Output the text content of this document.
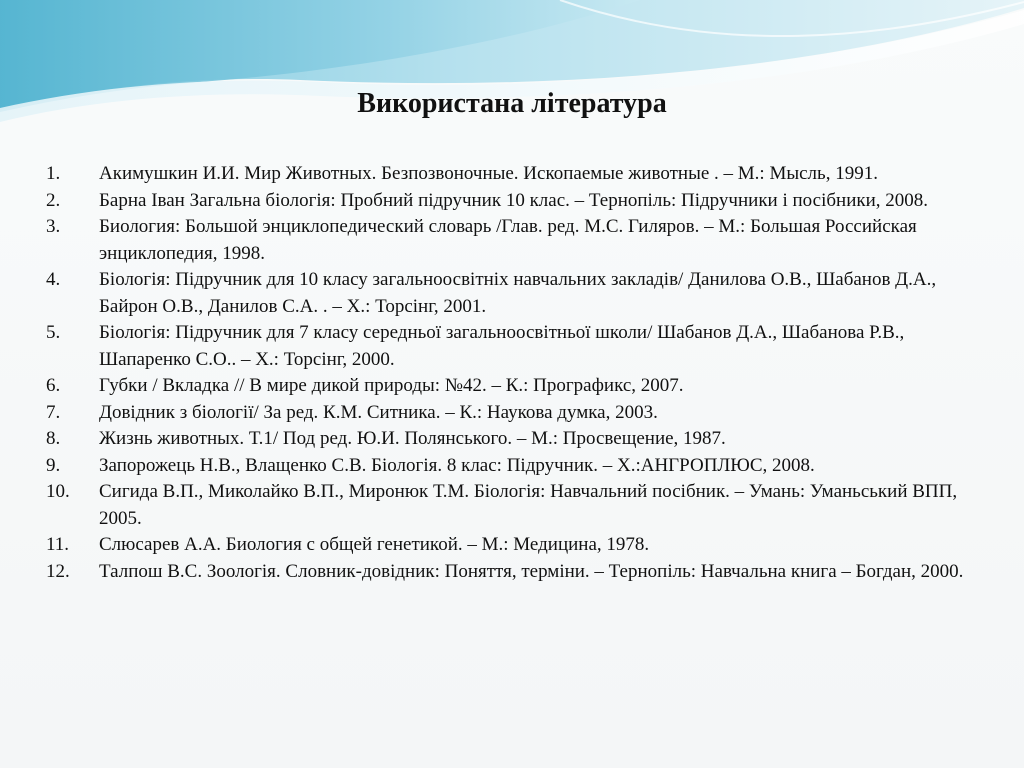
Використана література
1.	Акимушкин И.И. Мир Животных. Безпозвоночные. Ископаемые животные . – М.: Мысль, 1991.
2.	Барна Іван Загальна біологія: Пробний підручник 10 клас. – Тернопіль: Підручники і посібники, 2008.
3.	Биология: Большой энциклопедический словарь /Глав. ред. М.С. Гиляров. – М.: Большая Российская энциклопедия, 1998.
4.	Біологія: Підручник для 10 класу загальноосвітніх навчальних закладів/ Данилова О.В., Шабанов Д.А., Байрон О.В., Данилов С.А. . – Х.: Торсінг, 2001.
5.	Біологія: Підручник для 7 класу середньої загальноосвітньої школи/ Шабанов Д.А., Шабанова Р.В., Шапаренко С.О.. – Х.: Торсінг, 2000.
6.	Губки / Вкладка // В мире дикой природы: №42. – К.: Прографикс, 2007.
7.	Довідник з біології/ За ред. К.М. Ситника. – К.: Наукова думка, 2003.
8.	Жизнь животных. Т.1/ Под ред. Ю.И. Полянського. – М.: Просвещение, 1987.
9.	Запорожець Н.В., Влащенко С.В. Біологія. 8 клас: Підручник. – Х.:АНГРОПЛЮС, 2008.
10.	Сигида В.П., Миколайко В.П., Миронюк Т.М. Біологія: Навчальний посібник. – Умань: Уманьський ВПП, 2005.
11.	Слюсарев А.А. Биология с общей генетикой. – М.: Медицина, 1978.
12.	Талпош В.С. Зоологія. Словник-довідник: Поняття, терміни. – Тернопіль: Навчальна книга – Богдан, 2000.
